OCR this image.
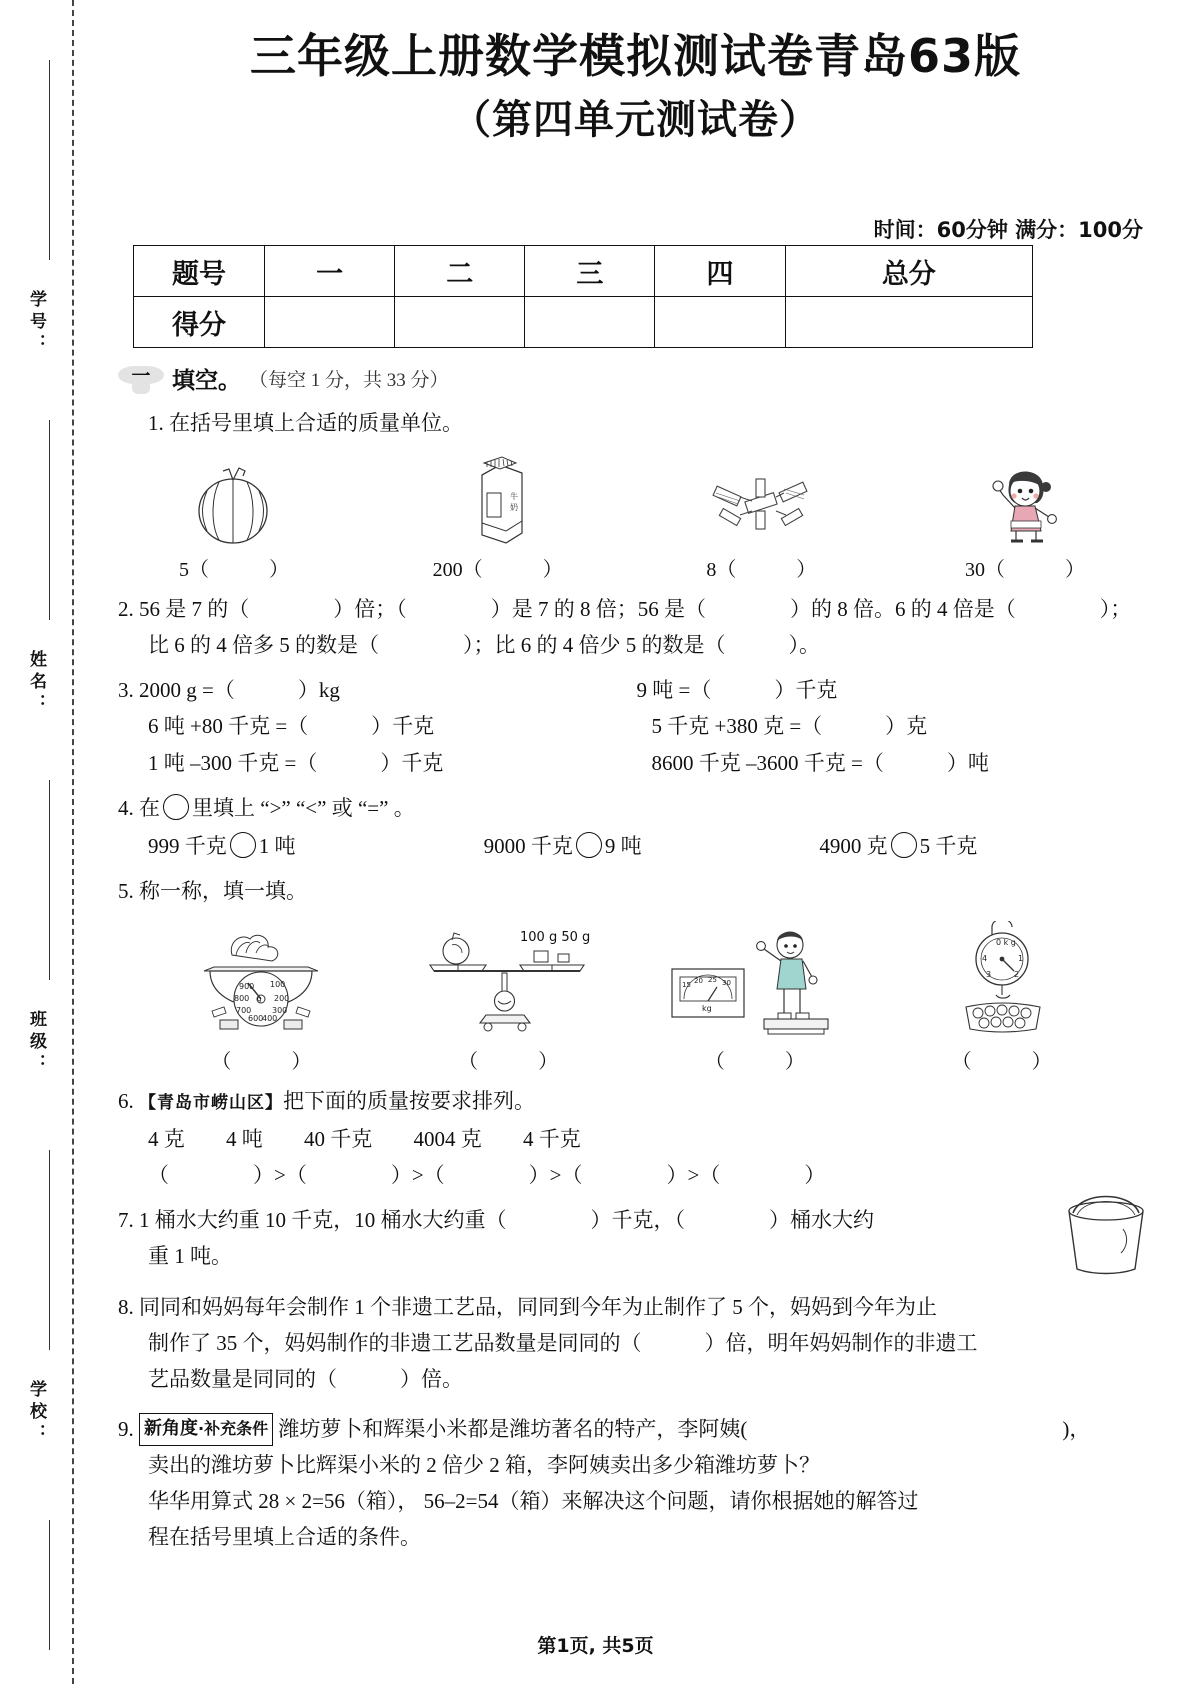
学号：
姓名：
班级：
学校：
三年级上册数学模拟测试卷青岛63版
（第四单元测试卷）
时间：60分钟 满分：100分
题号	一	二	三	四	总分
得分					
一 填空。 （每空 1 分，共 33 分）
1. 在括号里填上合适的质量单位。
牛
奶
5（　　　）	200（　　　）	8（　　　）	30（　　　）
2. 56 是 7 的（　　　　）倍；（　　　　）是 7 的 8 倍；56 是（　　　　）的 8 倍。6 的 4 倍是（　　　　）；
比 6 的 4 倍多 5 的数是（　　　　）；比 6 的 4 倍少 5 的数是（　　　）。
3. 2000 g =（　　　）kg	9 吨 =（　　　）千克
6 吨 +80 千克 =（　　　）千克	5 千克 +380 克 =（　　　）克
1 吨 –300 千克 =（　　　）千克	8600 千克 –3600 千克 =（　　　）吨
4. 在 里填上 “>” “<” 或 “=” 。
999 千克 1 吨	9000 千克 9 吨	4900 克 5 千克
5. 称一称，填一填。
900 100
800	200
700	300
600
400
g
100 g 50 g
15 20 25 30
kg
0 k g
4	1
3	2
（　　　）	（　　　）	（　　　）	（　　　）
6. 【青岛市崂山区】把下面的质量按要求排列。
4 克 4 吨 40 千克 4004 克 4 千克
（　　　　）>（　　　　）>（　　　　）>（　　　　）>（　　　　）
7. 1 桶水大约重 10 千克，10 桶水大约重（　　　　）千克，（　　　　）桶水大约
重 1 吨。
8. 同同和妈妈每年会制作 1 个非遗工艺品，同同到今年为止制作了 5 个，妈妈到今年为止
制作了 35 个，妈妈制作的非遗工艺品数量是同同的（　　　）倍，明年妈妈制作的非遗工
艺品数量是同同的（　　　）倍。
9. 新角度·补充条件 潍坊萝卜和辉渠小米都是潍坊著名的特产，李阿姨(　　　　　　　　　　　　　　　)，
卖出的潍坊萝卜比辉渠小米的 2 倍少 2 箱，李阿姨卖出多少箱潍坊萝卜？
华华用算式 28 × 2=56（箱）， 56–2=54（箱）来解决这个问题，请你根据她的解答过
程在括号里填上合适的条件。
第1页, 共5页
